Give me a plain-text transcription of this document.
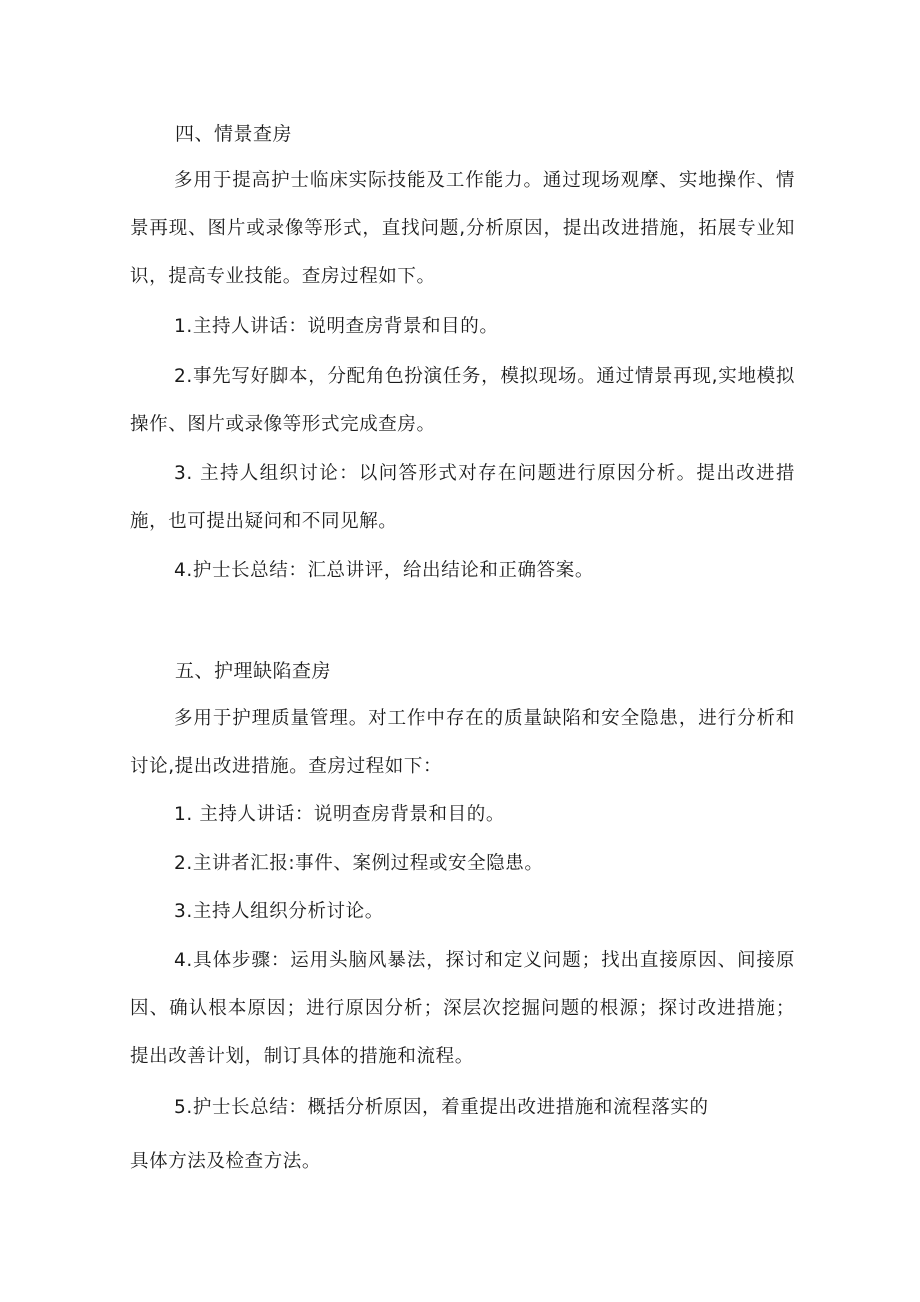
四、情景查房

多用于提高护士临床实际技能及工作能力。通过现场观摩、实地操作、情景再现、图片或录像等形式，直找问题,分析原因，提出改进措施，拓展专业知识，提高专业技能。查房过程如下。

1.主持人讲话：说明查房背景和目的。

2.事先写好脚本，分配角色扮演任务，模拟现场。通过情景再现,实地模拟操作、图片或录像等形式完成查房。

3. 主持人组织讨论：以问答形式对存在问题进行原因分析。提出改进措施，也可提出疑问和不同见解。

4.护士长总结：汇总讲评，给出结论和正确答案。

五、护理缺陷查房

多用于护理质量管理。对工作中存在的质量缺陷和安全隐患，进行分析和讨论,提出改进措施。查房过程如下：

1. 主持人讲话：说明查房背景和目的。

2.主讲者汇报:事件、案例过程或安全隐患。

3.主持人组织分析讨论。

4.具体步骤：运用头脑风暴法，探讨和定义问题；找出直接原因、间接原因、确认根本原因；进行原因分析；深层次挖掘问题的根源；探讨改进措施；提出改善计划，制订具体的措施和流程。

5.护士长总结：概括分析原因，着重提出改进措施和流程落实的

具体方法及检查方法。
